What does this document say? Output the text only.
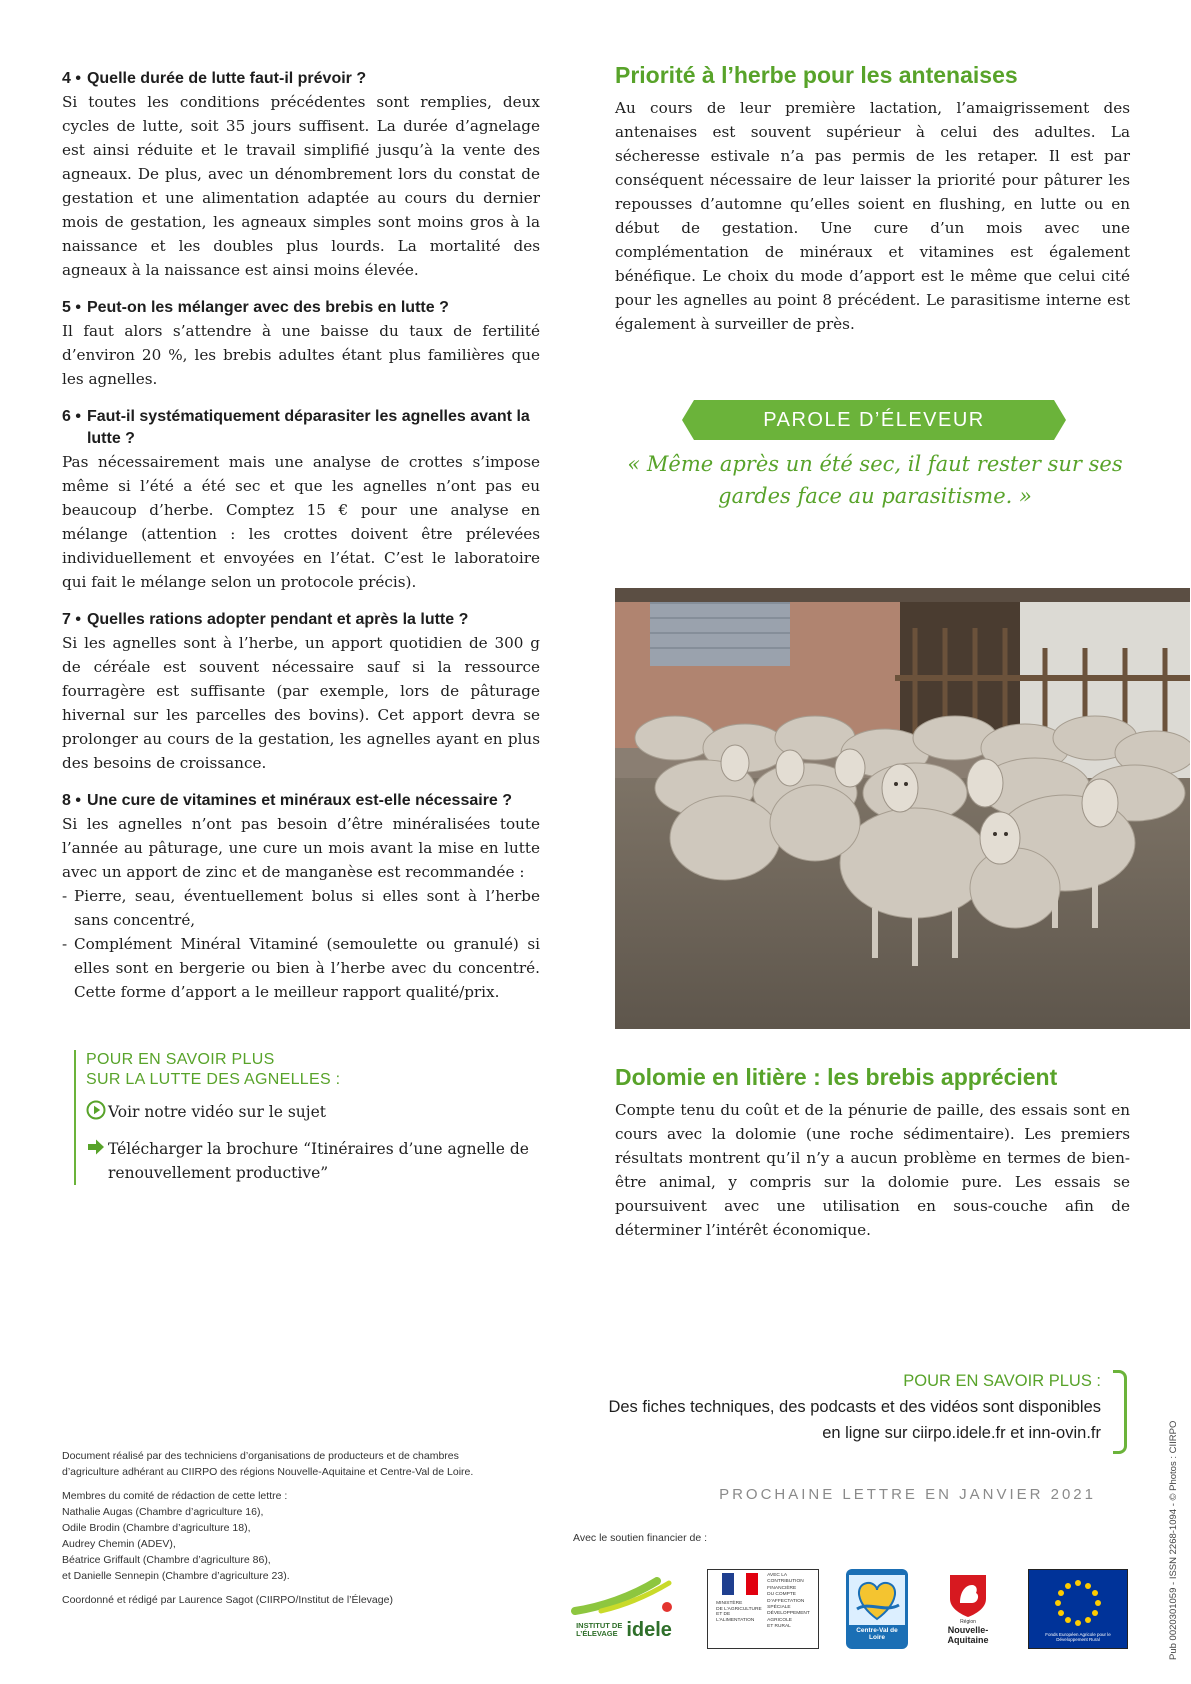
4 • Quelle durée de lutte faut-il prévoir ?

Si toutes les conditions précédentes sont remplies, deux cycles de lutte, soit 35 jours suffisent. La durée d’agnelage est ainsi réduite et le travail simplifié jusqu’à la vente des agneaux. De plus, avec un dénombrement lors du constat de gestation et une alimentation adaptée au cours du dernier mois de gestation, les agneaux simples sont moins gros à la naissance et les doubles plus lourds. La mortalité des agneaux à la naissance est ainsi moins élevée.

5 • Peut-on les mélanger avec des brebis en lutte ?

Il faut alors s’attendre à une baisse du taux de fertilité d’environ 20 %, les brebis adultes étant plus familières que les agnelles.

6 • Faut-il systématiquement déparasiter les agnelles avant la lutte ?

Pas nécessairement mais une analyse de crottes s’impose même si l’été a été sec et que les agnelles n’ont pas eu beaucoup d’herbe. Comptez 15 € pour une analyse en mélange (attention : les crottes doivent être prélevées individuellement et envoyées en l’état. C’est le laboratoire qui fait le mélange selon un protocole précis).

7 • Quelles rations adopter pendant et après la lutte ?

Si les agnelles sont à l’herbe, un apport quotidien de 300 g de céréale est souvent nécessaire sauf si la ressource fourragère est suffisante (par exemple, lors de pâturage hivernal sur les parcelles des bovins). Cet apport devra se prolonger au cours de la gestation, les agnelles ayant en plus des besoins de croissance.

8 • Une cure de vitamines et minéraux est-elle nécessaire ?

Si les agnelles n’ont pas besoin d’être minéralisées toute l’année au pâturage, une cure un mois avant la mise en lutte avec un apport de zinc et de manganèse est recommandée :

- Pierre, seau, éventuellement bolus si elles sont à l’herbe sans concentré,
- Complément Minéral Vitaminé (semoulette ou granulé) si elles sont en bergerie ou bien à l’herbe avec du concentré. Cette forme d’apport a le meilleur rapport qualité/prix.
POUR EN SAVOIR PLUS
SUR LA LUTTE DES AGNELLES :
Voir notre vidéo sur le sujet
Télécharger la brochure “Itinéraires d’une agnelle de renouvellement productive”
Priorité à l’herbe pour les antenaises

Au cours de leur première lactation, l’amaigrissement des antenaises est souvent supérieur à celui des adultes. La sécheresse estivale n’a pas permis de les retaper. Il est par conséquent nécessaire de leur laisser la priorité pour pâturer les repousses d’automne qu’elles soient en flushing, en lutte ou en début de gestation. Une cure d’un mois avec une complémentation de minéraux et vitamines est également bénéfique. Le choix du mode d’apport est le même que celui cité pour les agnelles au point 8 précédent. Le parasitisme interne est également à surveiller de près.

PAROLE D’ÉLEVEUR
« Même après un été sec, il faut rester sur ses gardes face au parasitisme. »
Dolomie en litière : les brebis apprécient

Compte tenu du coût et de la pénurie de paille, des essais sont en cours avec la dolomie (une roche sédimentaire). Les premiers résultats montrent qu’il n’y a aucun problème en termes de bien-être animal, y compris sur la dolomie pure. Les essais se poursuivent avec une utilisation en sous-couche afin de déterminer l’intérêt économique.

POUR EN SAVOIR PLUS :
Des fiches techniques, des podcasts et des vidéos sont disponibles
en ligne sur ciirpo.idele.fr et inn-ovin.fr
PROCHAINE LETTRE EN JANVIER 2021
Document réalisé par des techniciens d’organisations de producteurs et de chambres d’agriculture adhérant au CIIRPO des régions Nouvelle-Aquitaine et Centre-Val de Loire.
Membres du comité de rédaction de cette lettre :
Nathalie Augas (Chambre d’agriculture 16),
Odile Brodin (Chambre d’agriculture 18),
Audrey Chemin (ADEV),
Béatrice Griffault (Chambre d’agriculture 86),
et Danielle Sennepin (Chambre d’agriculture 23).
Coordonné et rédigé par Laurence Sagot (CIIRPO/Institut de l’Élevage)
Avec le soutien financier de :
INSTITUT DE
L’ÉLEVAGE idele
MINISTÈRE
DE L’AGRICULTURE
ET DE
L’ALIMENTATION
AVEC LA
CONTRIBUTION
FINANCIÈRE
DU COMPTE
D’AFFECTATION
SPÉCIALE
DÉVELOPPEMENT
AGRICOLE
ET RURAL
Centre-Val de Loire
Région
Nouvelle-Aquitaine
Fonds Européen Agricole pour le Développement Rural	Pub 0020301059 - ISSN 2268-1094 - © Photos : CIIRPO
